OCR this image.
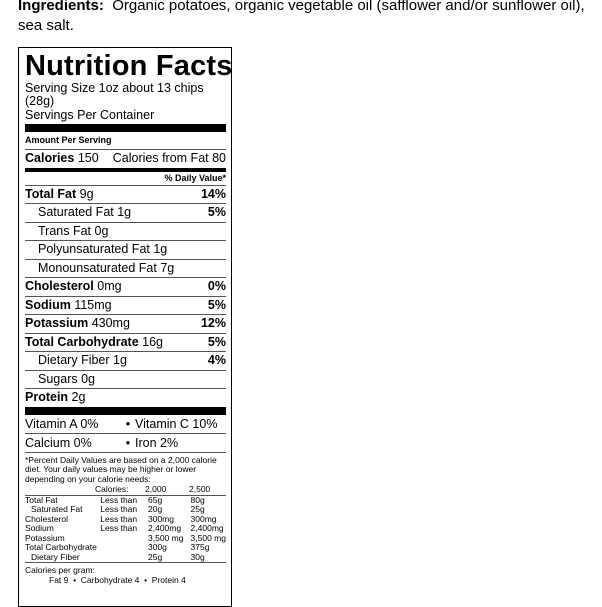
Ingredients: Organic potatoes, organic vegetable oil (safflower and/or sunflower oil), sea salt.
Nutrition Facts
Serving Size 1oz about 13 chips (28g)
Servings Per Container
Amount Per Serving
Calories 150 Calories from Fat 80
% Daily Value*
Total Fat 9g	14%
Saturated Fat 1g	5%
Trans Fat 0g
Polyunsaturated Fat 1g
Monounsaturated Fat 7g
Cholesterol 0mg	0%
Sodium 115mg	5%
Potassium 430mg	12%
Total Carbohydrate 16g	5%
Dietary Fiber 1g	4%
Sugars 0g
Protein 2g
Vitamin A 0%	• Vitamin C 10%
Calcium 0%	• Iron 2%
*Percent Daily Values are based on a 2,000 calorie diet. Your daily values may be higher or lower depending on your calorie needs:
	Calories:	2,000	2,500
Total Fat	Less than	65g	80g
Saturated Fat	Less than	20g	25g
Cholesterol	Less than	300mg	300mg
Sodium	Less than	2,400mg	2,400mg
Potassium		3,500 mg	3,500 mg
Total Carbohydrate		300g	375g
Dietary Fiber		25g	30g
Calories per gram:
Fat 9  •  Carbohydrate 4  •  Protein 4
